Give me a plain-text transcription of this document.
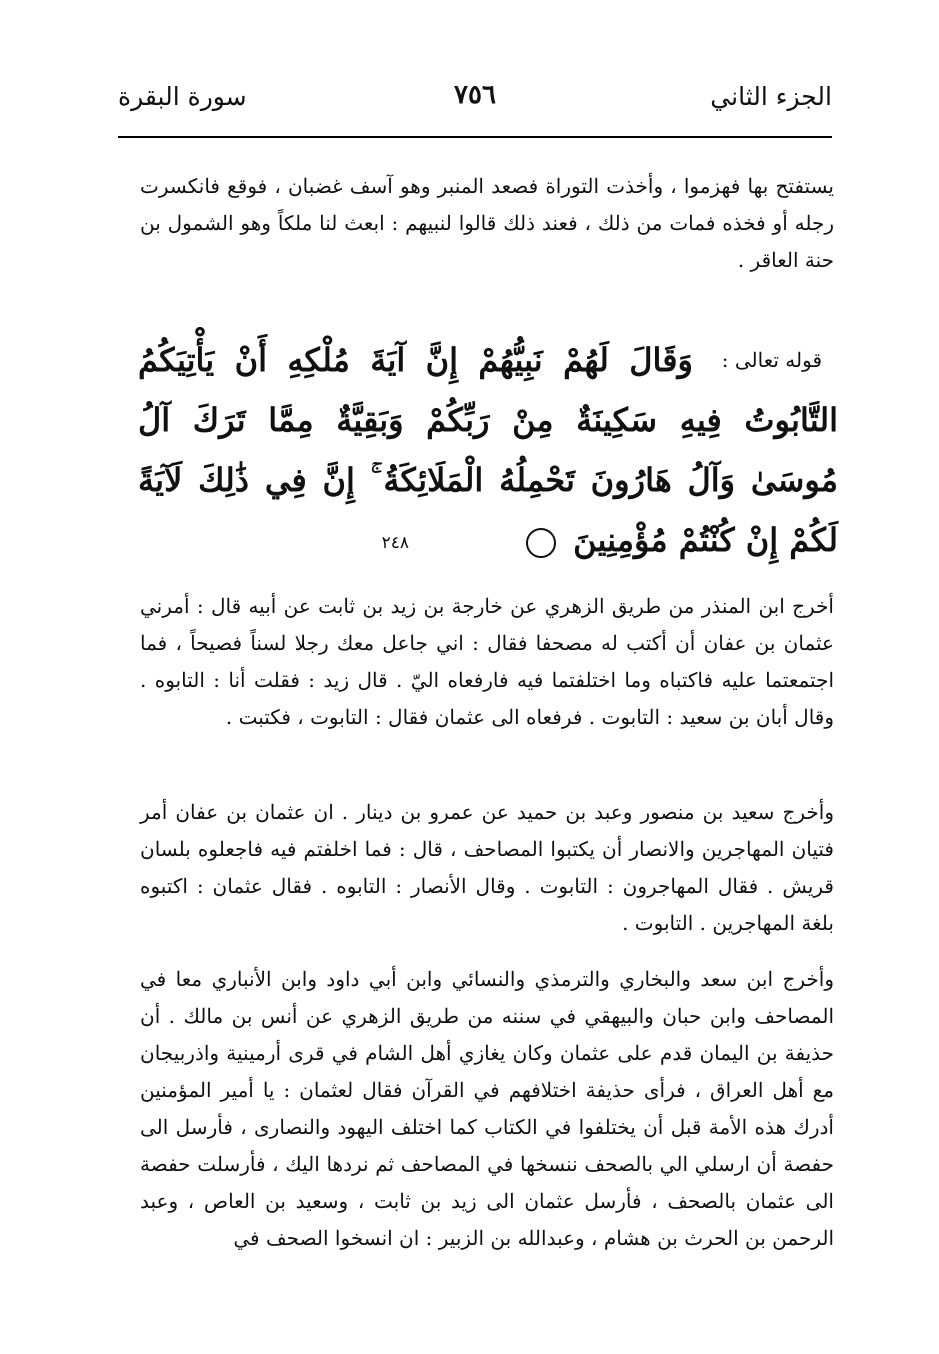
الجزء الثاني
٧٥٦
سورة البقرة

يستفتح بها فهزموا ، وأخذت التوراة فصعد المنبر وهو آسف غضبان ، فوقع فانكسرت رجله أو فخذه فمات من ذلك ، فعند ذلك قالوا لنبيهم : ابعث لنا ملكاً وهو الشمول بن حنة العاقر .

وَقَالَ لَهُمْ نَبِيُّهُمْ إِنَّ آيَةَ مُلْكِهِ أَنْ يَأْتِيَكُمُ التَّابُوتُ فِيهِ سَكِينَةٌ مِنْ رَبِّكُمْ وَبَقِيَّةٌ مِمَّا تَرَكَ آلُ مُوسَىٰ وَآلُ هَارُونَ تَحْمِلُهُ الْمَلَائِكَةُ ۚ إِنَّ فِي ذَٰلِكَ لَآيَةً لَكُمْ إِنْ كُنْتُمْ مُؤْمِنِينَ ٢٤٨

قوله تعالى :

أخرج ابن المنذر من طريق الزهري عن خارجة بن زيد بن ثابت عن أبيه قال : أمرني عثمان بن عفان أن أكتب له مصحفا فقال : اني جاعل معك رجلا لسناً فصيحاً ، فما اجتمعتما عليه فاكتباه وما اختلفتما فيه فارفعاه اليّ . قال زيد : فقلت أنا : التابوه . وقال أبان بن سعيد : التابوت . فرفعاه الى عثمان فقال : التابوت ، فكتبت .

وأخرج سعيد بن منصور وعبد بن حميد عن عمرو بن دينار . ان عثمان بن عفان أمر فتيان المهاجرين والانصار أن يكتبوا المصاحف ، قال : فما اخلفتم فيه فاجعلوه بلسان قريش . فقال المهاجرون : التابوت . وقال الأنصار : التابوه . فقال عثمان : اكتبوه بلغة المهاجرين . التابوت .

وأخرج ابن سعد والبخاري والترمذي والنسائي وابن أبي داود وابن الأنباري معا في المصاحف وابن حبان والبيهقي في سننه من طريق الزهري عن أنس بن مالك . أن حذيفة بن اليمان قدم على عثمان وكان يغازي أهل الشام في قرى أرمينية واذربيجان مع أهل العراق ، فرأى حذيفة اختلافهم في القرآن فقال لعثمان : يا أمير المؤمنين أدرك هذه الأمة قبل أن يختلفوا في الكتاب كما اختلف اليهود والنصارى ، فأرسل الى حفصة أن ارسلي الي بالصحف ننسخها في المصاحف ثم نردها اليك ، فأرسلت حفصة الى عثمان بالصحف ، فأرسل عثمان الى زيد بن ثابت ، وسعيد بن العاص ، وعبد الرحمن بن الحرث بن هشام ، وعبدالله بن الزبير : ان انسخوا الصحف في
